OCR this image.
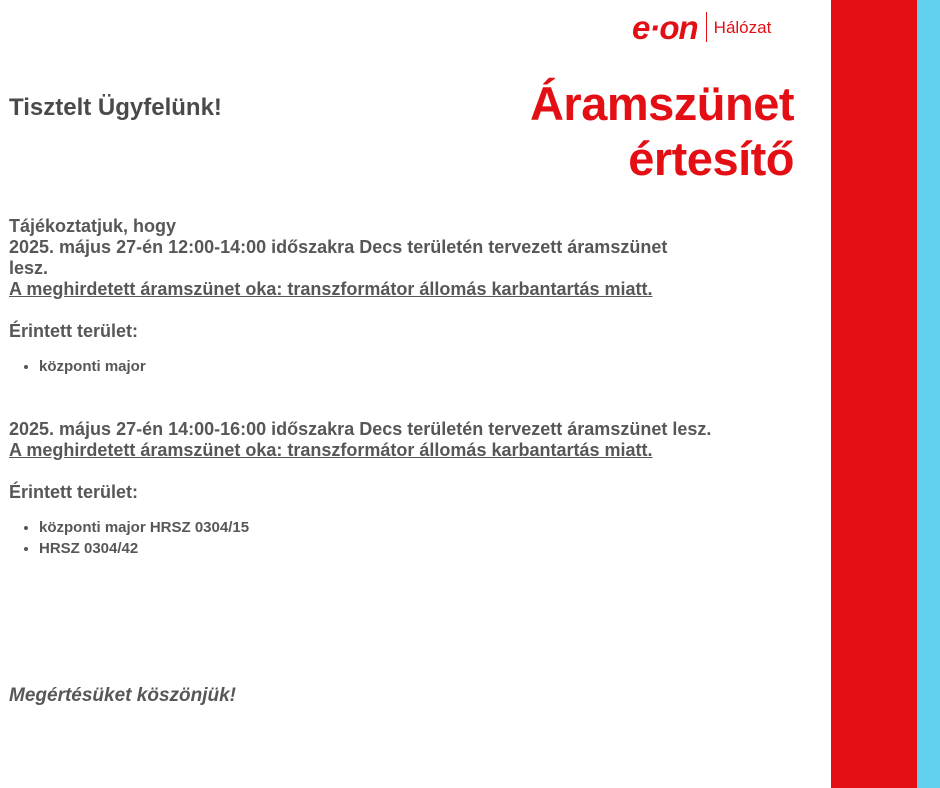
e·on Hálózat
Áramszünet
értesítő
Tisztelt Ügyfelünk!
Tájékoztatjuk, hogy
2025. május 27-én 12:00-14:00 időszakra Decs területén tervezett áramszünet
lesz.
A meghirdetett áramszünet oka: transzformátor állomás karbantartás miatt.
Érintett terület:
• központi major
2025. május 27-én 14:00-16:00 időszakra Decs területén tervezett áramszünet lesz.
A meghirdetett áramszünet oka: transzformátor állomás karbantartás miatt.
Érintett terület:
• központi major HRSZ 0304/15
• HRSZ 0304/42
Megértésüket köszönjük!
